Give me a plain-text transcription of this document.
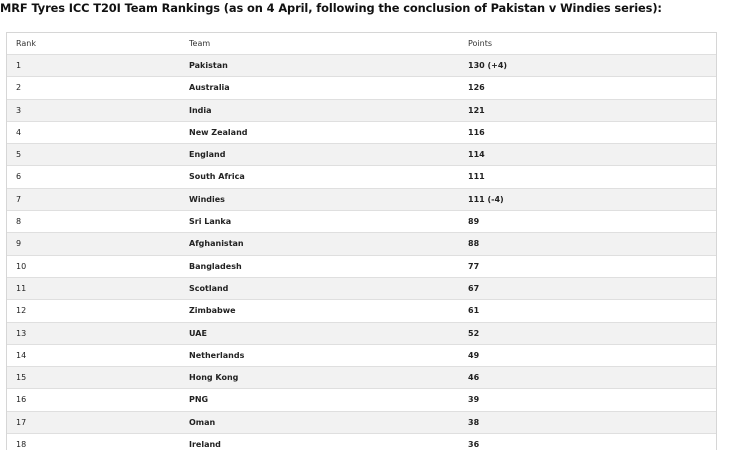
MRF Tyres ICC T20I Team Rankings (as on 4 April, following the conclusion of Pakistan v Windies series):
Rank	Team	Points
1	Pakistan	130 (+4)
2	Australia	126
3	India	121
4	New Zealand	116
5	England	114
6	South Africa	111
7	Windies	111 (-4)
8	Sri Lanka	89
9	Afghanistan	88
10	Bangladesh	77
11	Scotland	67
12	Zimbabwe	61
13	UAE	52
14	Netherlands	49
15	Hong Kong	46
16	PNG	39
17	Oman	38
18	Ireland	36
